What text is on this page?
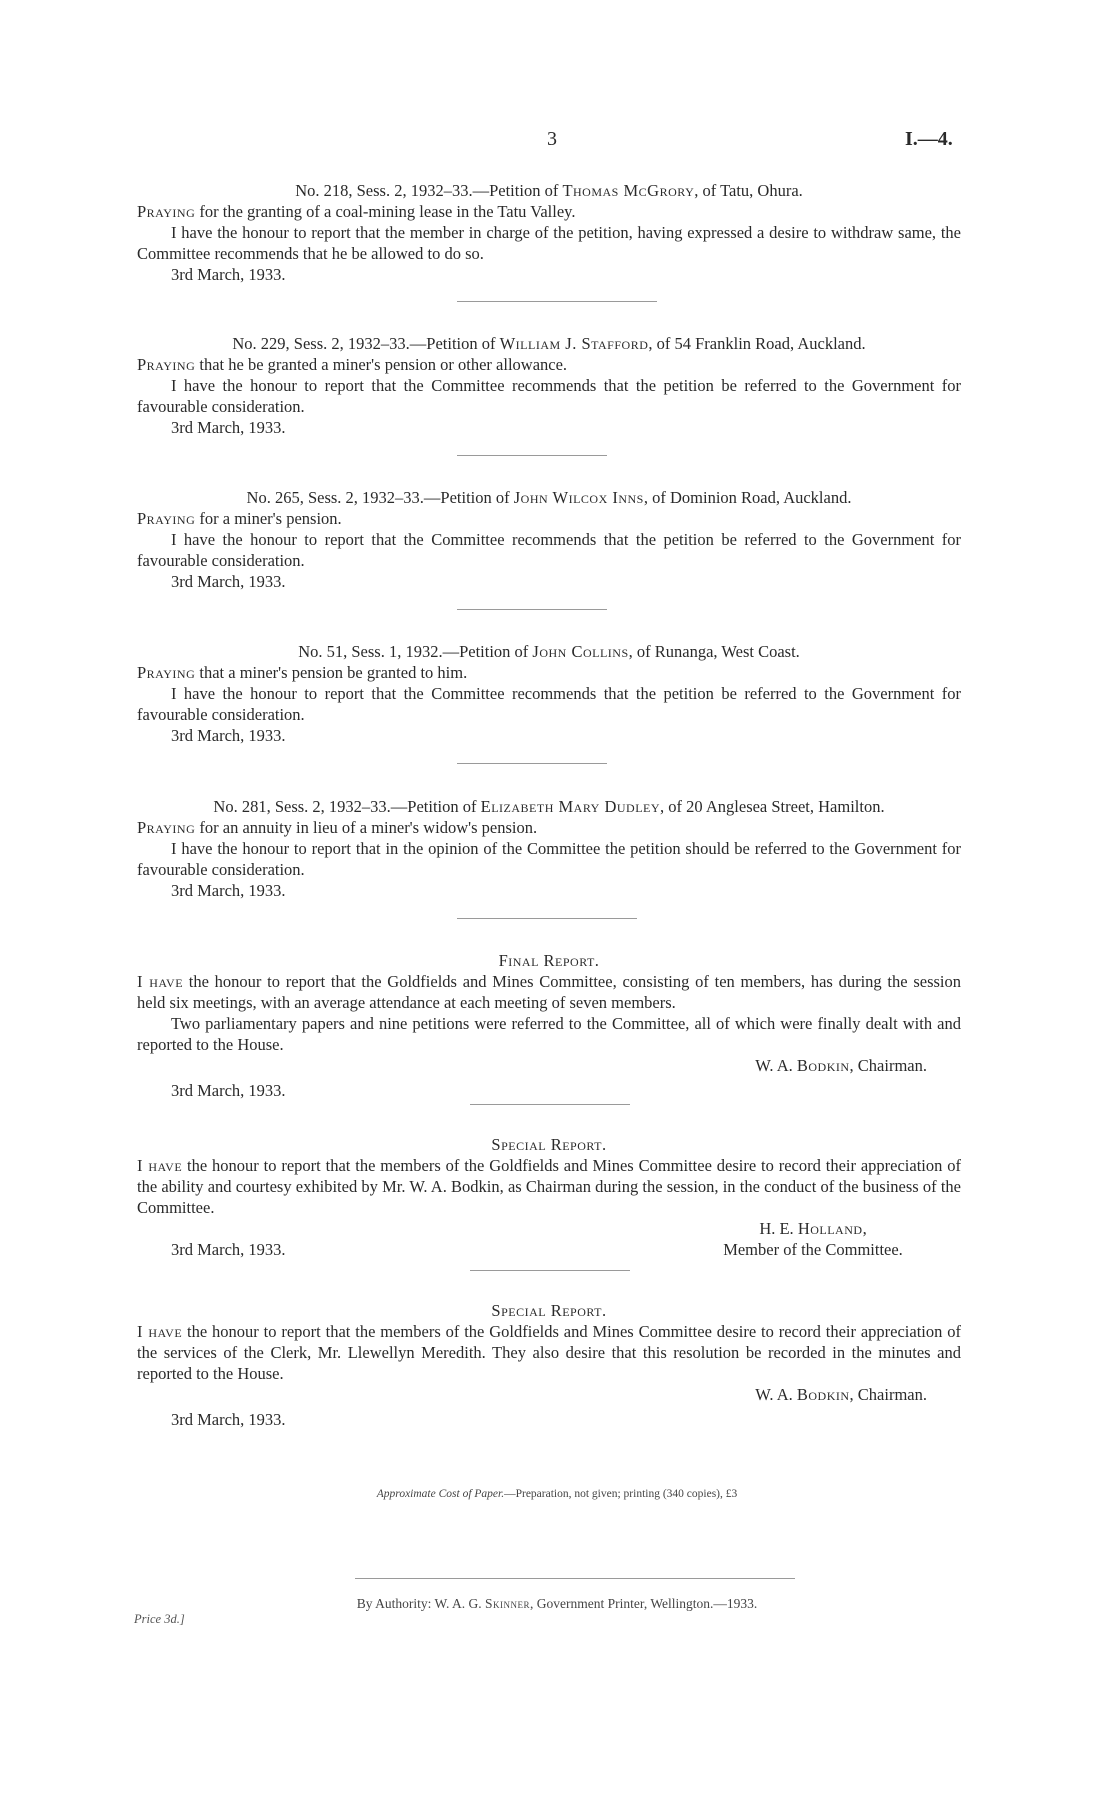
3	I.—4.
No. 218, Sess. 2, 1932–33.—Petition of Thomas McGrory, of Tatu, Ohura.
Praying for the granting of a coal-mining lease in the Tatu Valley.
I have the honour to report that the member in charge of the petition, having expressed a desire to withdraw same, the Committee recommends that he be allowed to do so.
3rd March, 1933.
No. 229, Sess. 2, 1932–33.—Petition of William J. Stafford, of 54 Franklin Road, Auckland.
Praying that he be granted a miner's pension or other allowance.
I have the honour to report that the Committee recommends that the petition be referred to the Government for favourable consideration.
3rd March, 1933.
No. 265, Sess. 2, 1932–33.—Petition of John Wilcox Inns, of Dominion Road, Auckland.
Praying for a miner's pension.
I have the honour to report that the Committee recommends that the petition be referred to the Government for favourable consideration.
3rd March, 1933.
No. 51, Sess. 1, 1932.—Petition of John Collins, of Runanga, West Coast.
Praying that a miner's pension be granted to him.
I have the honour to report that the Committee recommends that the petition be referred to the Government for favourable consideration.
3rd March, 1933.
No. 281, Sess. 2, 1932–33.—Petition of Elizabeth Mary Dudley, of 20 Anglesea Street, Hamilton.
Praying for an annuity in lieu of a miner's widow's pension.
I have the honour to report that in the opinion of the Committee the petition should be referred to the Government for favourable consideration.
3rd March, 1933.
Final Report.
I have the honour to report that the Goldfields and Mines Committee, consisting of ten members, has during the session held six meetings, with an average attendance at each meeting of seven members.
Two parliamentary papers and nine petitions were referred to the Committee, all of which were finally dealt with and reported to the House.
W. A. Bodkin, Chairman.
3rd March, 1933.
Special Report.
I have the honour to report that the members of the Goldfields and Mines Committee desire to record their appreciation of the ability and courtesy exhibited by Mr. W. A. Bodkin, as Chairman during the session, in the conduct of the business of the Committee.
H. E. Holland,
3rd March, 1933.	Member of the Committee.
Special Report.
I have the honour to report that the members of the Goldfields and Mines Committee desire to record their appreciation of the services of the Clerk, Mr. Llewellyn Meredith. They also desire that this resolution be recorded in the minutes and reported to the House.
W. A. Bodkin, Chairman.
3rd March, 1933.
Approximate Cost of Paper.—Preparation, not given; printing (340 copies), £3
By Authority: W. A. G. Skinner, Government Printer, Wellington.—1933.
Price 3d.]
